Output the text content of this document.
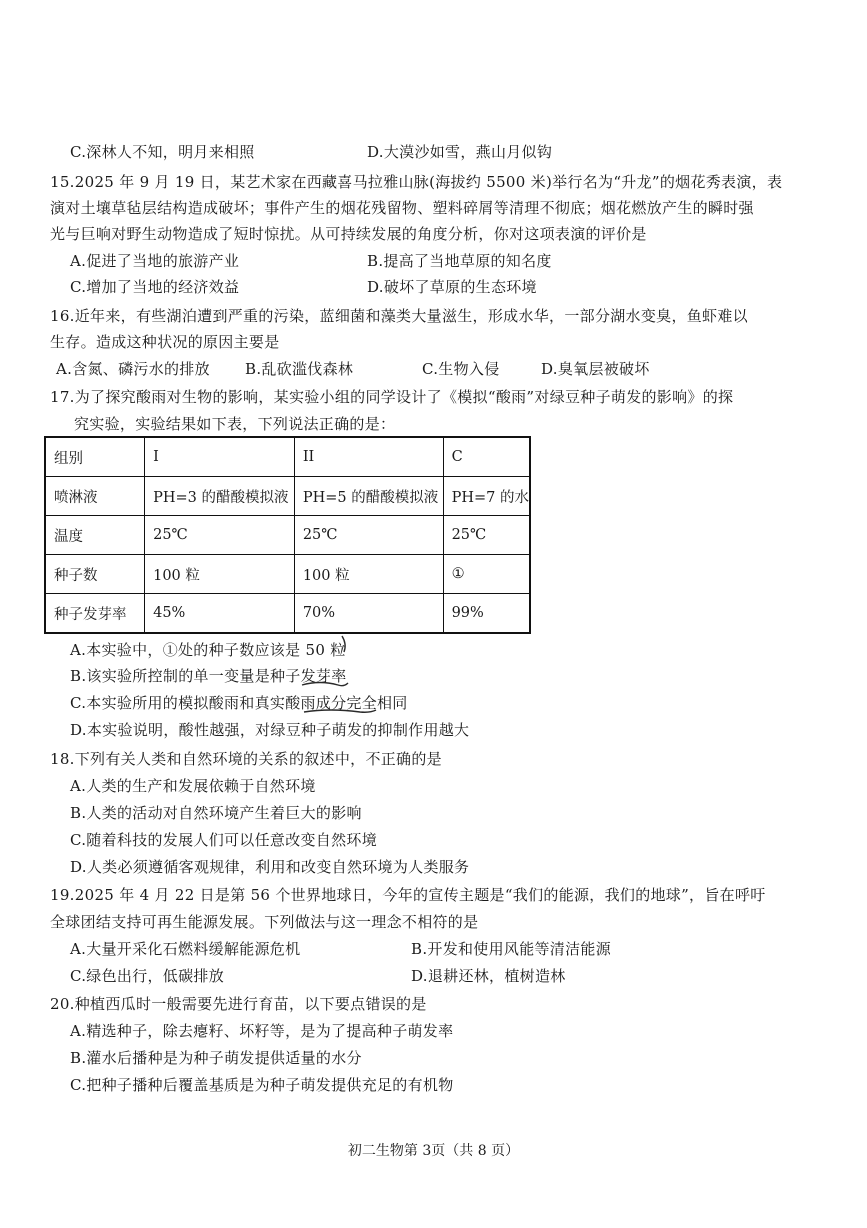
C.深林人不知，明月来相照	D.大漠沙如雪，燕山月似钩
15.2025 年 9 月 19 日，某艺术家在西藏喜马拉雅山脉(海拔约 5500 米)举行名为“升龙”的烟花秀表演，表
演对土壤草毡层结构造成破坏；事件产生的烟花残留物、塑料碎屑等清理不彻底；烟花燃放产生的瞬时强
光与巨响对野生动物造成了短时惊扰。从可持续发展的角度分析，你对这项表演的评价是
A.促进了当地的旅游产业	B.提高了当地草原的知名度
C.增加了当地的经济效益	D.破坏了草原的生态环境
16.近年来，有些湖泊遭到严重的污染，蓝细菌和藻类大量滋生，形成水华，一部分湖水变臭，鱼虾难以
生存。造成这种状况的原因主要是
A.含氮、磷污水的排放 B.乱砍滥伐森林	C.生物入侵	D.臭氧层被破坏
17.为了探究酸雨对生物的影响，某实验小组的同学设计了《模拟“酸雨”对绿豆种子萌发的影响》的探
究实验，实验结果如下表，下列说法正确的是：
组别	I	II	C
喷淋液	PH=3 的醋酸模拟液	PH=5 的醋酸模拟液	PH=7 的水
温度	25℃	25℃	25℃
种子数	100 粒	100 粒	①
种子发芽率	45%	70%	99%
A.本实验中，①处的种子数应该是 50 粒
B.该实验所控制的单一变量是种子发芽率
C.本实验所用的模拟酸雨和真实酸雨成分完全相同
D.本实验说明，酸性越强，对绿豆种子萌发的抑制作用越大
18.下列有关人类和自然环境的关系的叙述中，不正确的是
A.人类的生产和发展依赖于自然环境
B.人类的活动对自然环境产生着巨大的影响
C.随着科技的发展人们可以任意改变自然环境
D.人类必须遵循客观规律，利用和改变自然环境为人类服务
19.2025 年 4 月 22 日是第 56 个世界地球日，今年的宣传主题是“我们的能源，我们的地球”，旨在呼吁
全球团结支持可再生能源发展。下列做法与这一理念不相符的是
A.大量开采化石燃料缓解能源危机	B.开发和使用风能等清洁能源
C.绿色出行，低碳排放	D.退耕还林，植树造林
20.种植西瓜时一般需要先进行育苗，以下要点错误的是
A.精选种子，除去瘪籽、坏籽等，是为了提高种子萌发率
B.灌水后播种是为种子萌发提供适量的水分
C.把种子播种后覆盖基质是为种子萌发提供充足的有机物
初二生物第 3页（共 8 页）
